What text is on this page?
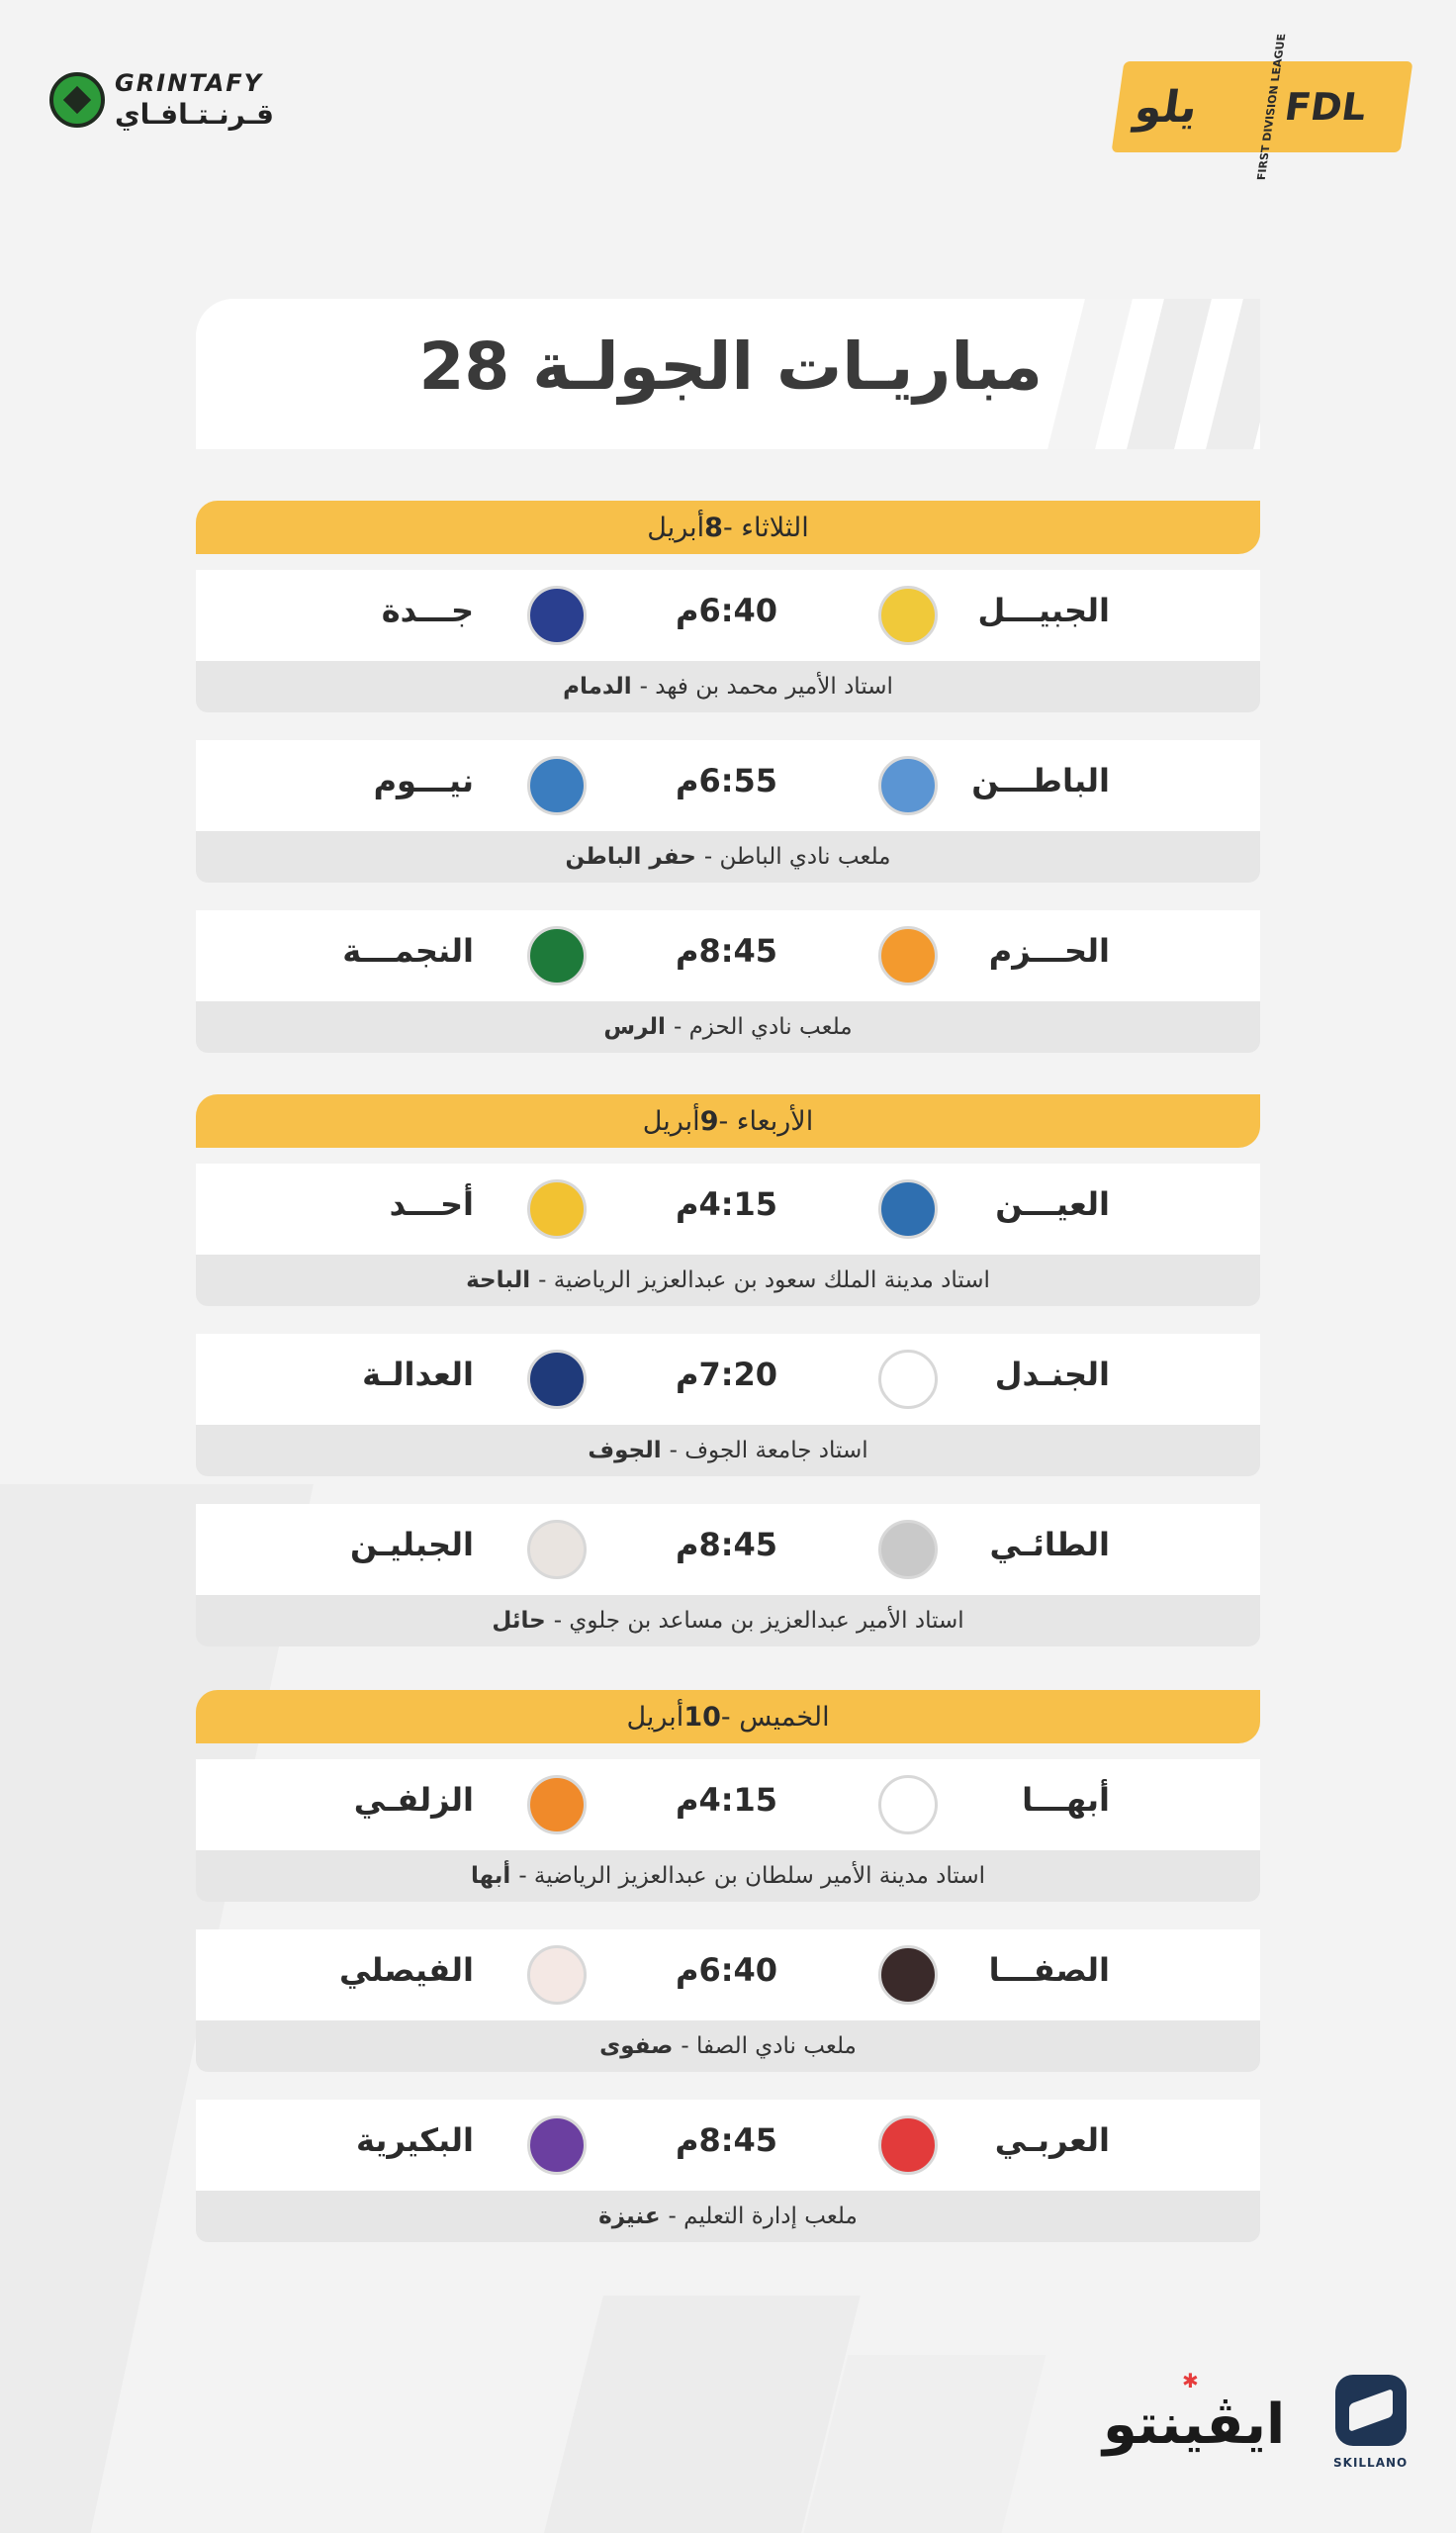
GRINTAFY
قـرنـتـافـاي	يلو	FIRST DIVISION LEAGUE
FDL
مباريـات الجولـة 28
الثلاثاء -
8
أبريل
الجبيـــل
6:40م
جـــدة
استاد الأمير محمد بن فهد -
الدمام
الباطـــن
6:55م
نيـــوم
ملعب نادي الباطن -
حفر الباطن
الحـــزم
8:45م
النجمـــة
ملعب نادي الحزم -
الرس
الأربعاء -
9
أبريل
العيـــن
4:15م
أحـــد
استاد مدينة الملك سعود بن عبدالعزيز الرياضية -
الباحة
الجنـدل
7:20م
العدالـة
استاد جامعة الجوف -
الجوف
الطائـي
8:45م
الجبليـن
استاد الأمير عبدالعزيز بن مساعد بن جلوي -
حائل
الخميس -
10
أبريل
أبهـــا
4:15م
الزلفـي
استاد مدينة الأمير سلطان بن عبدالعزيز الرياضية -
أبها
الصفـــا
6:40م
الفيصلي
ملعب نادي الصفا -
صفوى
العربـي
8:45م
البكيرية
ملعب إدارة التعليم -
عنيزة
✱
ايڤينتو
SKILLANO
